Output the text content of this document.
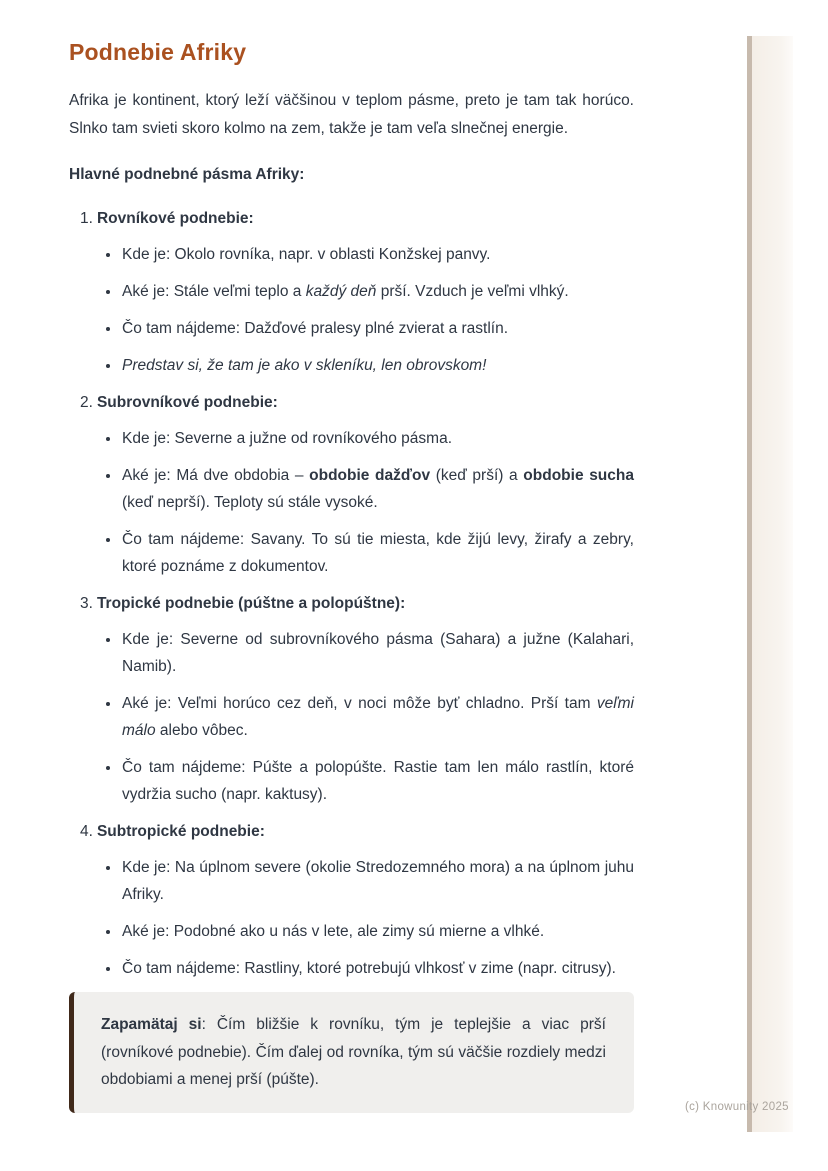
Podnebie Afriky

Afrika je kontinent, ktorý leží väčšinou v teplom pásme, preto je tam tak horúco. Slnko tam svieti skoro kolmo na zem, takže je tam veľa slnečnej energie.

Hlavné podnebné pásma Afriky:
1. Rovníkové podnebie:
• Kde je: Okolo rovníka, napr. v oblasti Konžskej panvy.
• Aké je: Stále veľmi teplo a každý deň prší. Vzduch je veľmi vlhký.
• Čo tam nájdeme: Dažďové pralesy plné zvierat a rastlín.
• Predstav si, že tam je ako v skleníku, len obrovskom!
2. Subrovníkové podnebie:
• Kde je: Severne a južne od rovníkového pásma.
• Aké je: Má dve obdobia – obdobie dažďov (keď prší) a obdobie sucha (keď neprší). Teploty sú stále vysoké.
• Čo tam nájdeme: Savany. To sú tie miesta, kde žijú levy, žirafy a zebry, ktoré poznáme z dokumentov.
3. Tropické podnebie (púštne a polopúštne):
• Kde je: Severne od subrovníkového pásma (Sahara) a južne (Kalahari, Namib).
• Aké je: Veľmi horúco cez deň, v noci môže byť chladno. Prší tam veľmi málo alebo vôbec.
• Čo tam nájdeme: Púšte a polopúšte. Rastie tam len málo rastlín, ktoré vydržia sucho (napr. kaktusy).
4. Subtropické podnebie:
• Kde je: Na úplnom severe (okolie Stredozemného mora) a na úplnom juhu Afriky.
• Aké je: Podobné ako u nás v lete, ale zimy sú mierne a vlhké.
• Čo tam nájdeme: Rastliny, ktoré potrebujú vlhkosť v zime (napr. citrusy).

Zapamätaj si: Čím bližšie k rovníku, tým je teplejšie a viac prší (rovníkové podnebie). Čím ďalej od rovníka, tým sú väčšie rozdiely medzi obdobiami a menej prší (púšte).

(c) Knowunity 2025
